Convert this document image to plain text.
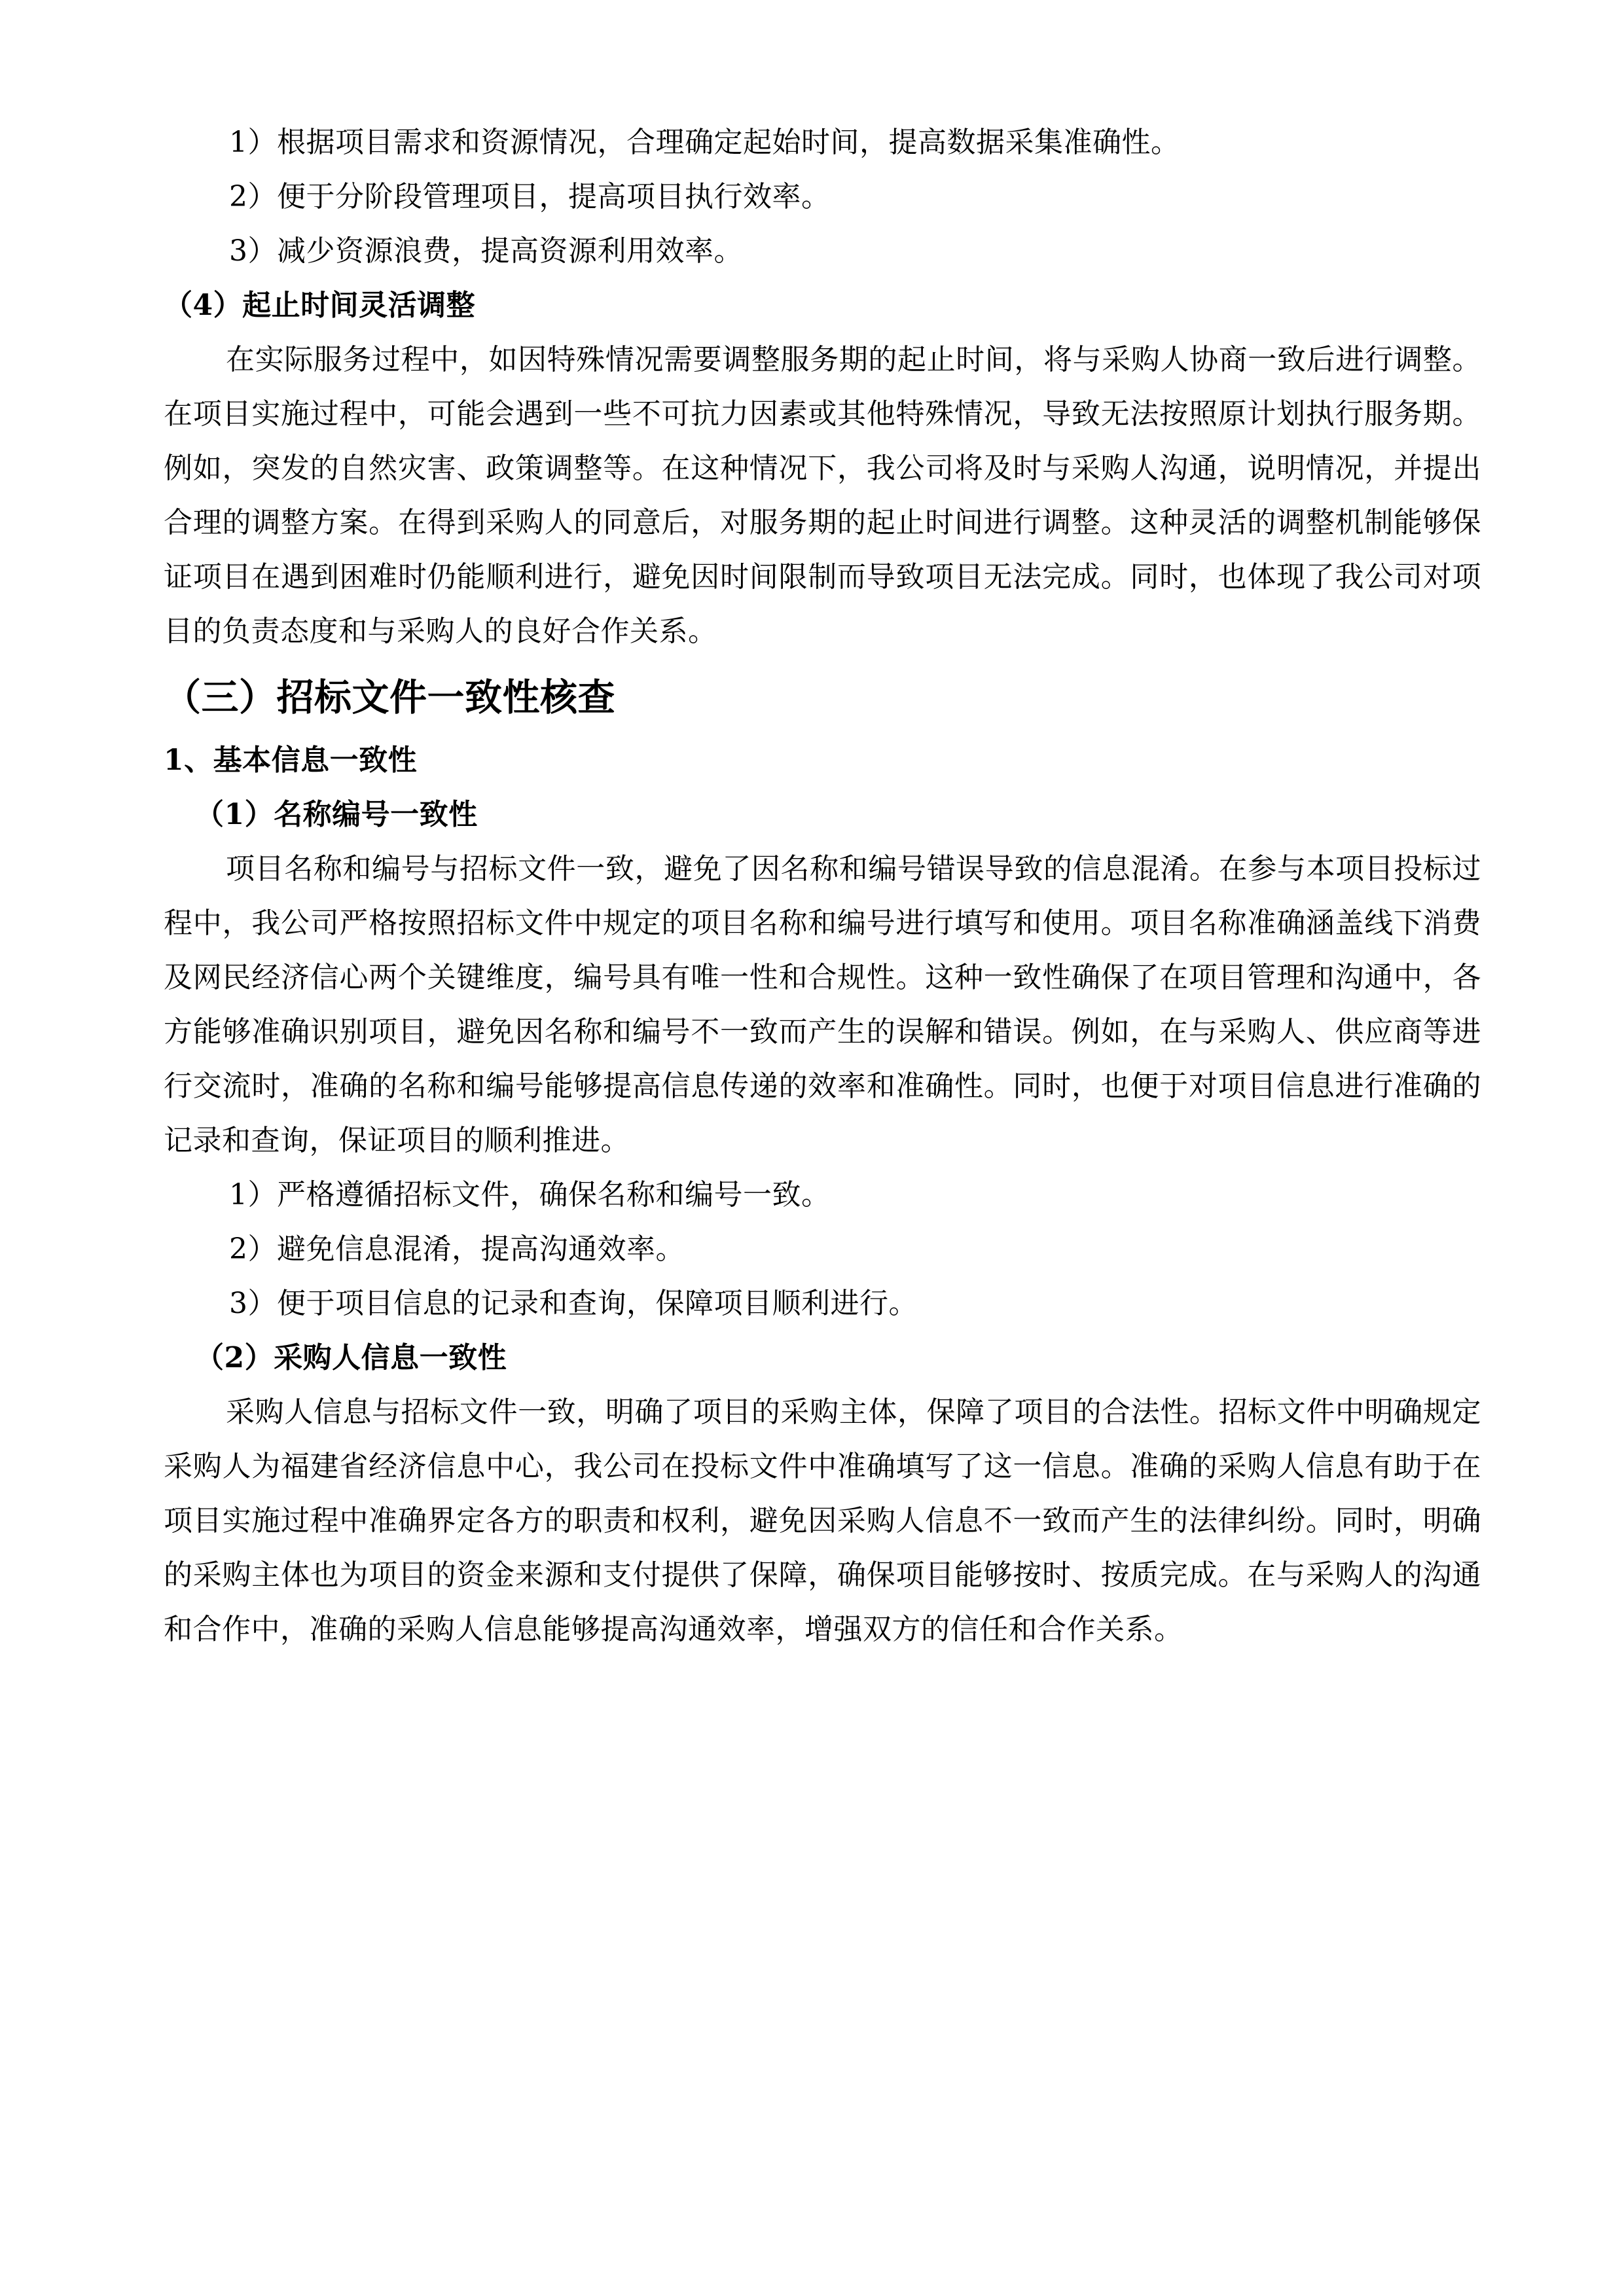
1）根据项目需求和资源情况，合理确定起始时间，提高数据采集准确性。

2）便于分阶段管理项目，提高项目执行效率。

3）减少资源浪费，提高资源利用效率。

（4）起止时间灵活调整

在实际服务过程中，如因特殊情况需要调整服务期的起止时间，将与采购人协商一致后进行调整。在项目实施过程中，可能会遇到一些不可抗力因素或其他特殊情况，导致无法按照原计划执行服务期。例如，突发的自然灾害、政策调整等。在这种情况下，我公司将及时与采购人沟通，说明情况，并提出合理的调整方案。在得到采购人的同意后，对服务期的起止时间进行调整。这种灵活的调整机制能够保证项目在遇到困难时仍能顺利进行，避免因时间限制而导致项目无法完成。同时，也体现了我公司对项目的负责态度和与采购人的良好合作关系。

（三）招标文件一致性核查

1、基本信息一致性

（1）名称编号一致性

项目名称和编号与招标文件一致，避免了因名称和编号错误导致的信息混淆。在参与本项目投标过程中，我公司严格按照招标文件中规定的项目名称和编号进行填写和使用。项目名称准确涵盖线下消费及网民经济信心两个关键维度，编号具有唯一性和合规性。这种一致性确保了在项目管理和沟通中，各方能够准确识别项目，避免因名称和编号不一致而产生的误解和错误。例如，在与采购人、供应商等进行交流时，准确的名称和编号能够提高信息传递的效率和准确性。同时，也便于对项目信息进行准确的记录和查询，保证项目的顺利推进。

1）严格遵循招标文件，确保名称和编号一致。

2）避免信息混淆，提高沟通效率。

3）便于项目信息的记录和查询，保障项目顺利进行。

（2）采购人信息一致性

采购人信息与招标文件一致，明确了项目的采购主体，保障了项目的合法性。招标文件中明确规定采购人为福建省经济信息中心，我公司在投标文件中准确填写了这一信息。准确的采购人信息有助于在项目实施过程中准确界定各方的职责和权利，避免因采购人信息不一致而产生的法律纠纷。同时，明确的采购主体也为项目的资金来源和支付提供了保障，确保项目能够按时、按质完成。在与采购人的沟通和合作中，准确的采购人信息能够提高沟通效率，增强双方的信任和合作关系。
